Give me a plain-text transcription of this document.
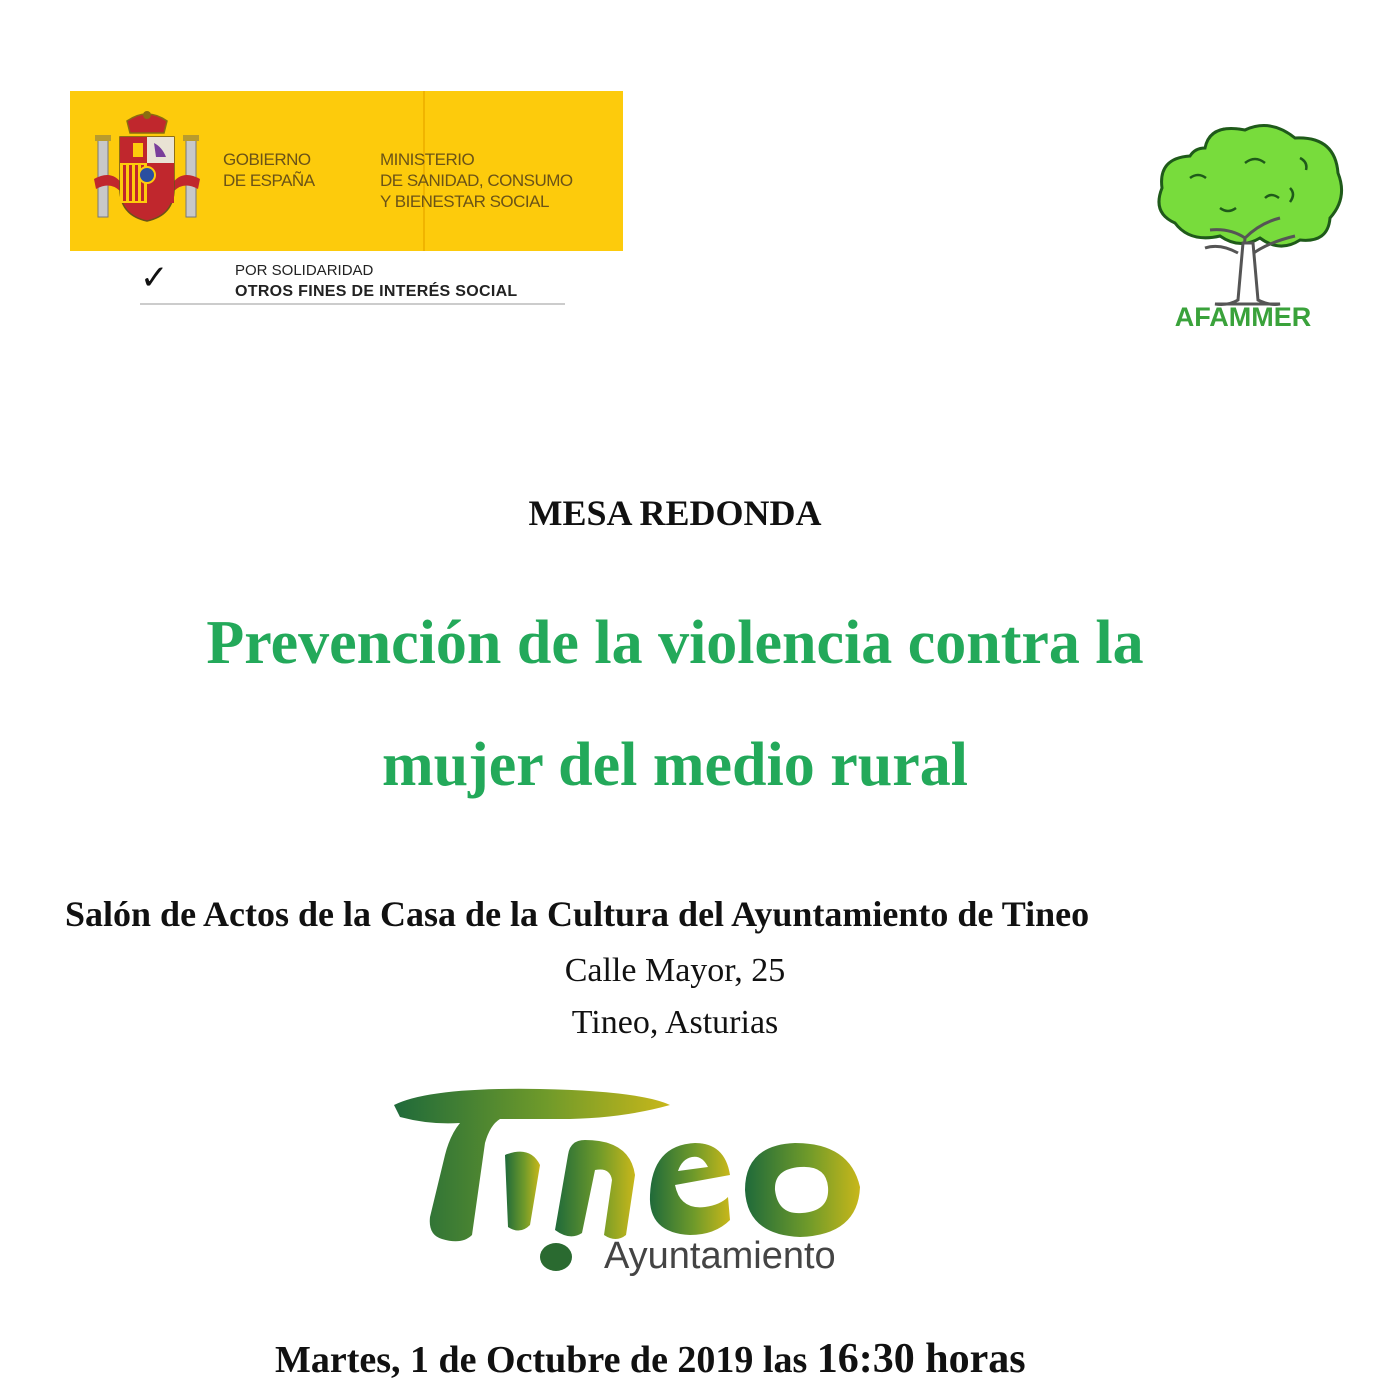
GOBIERNO
DE ESPAÑA
MINISTERIO
DE SANIDAD, CONSUMO
Y BIENESTAR SOCIAL
✓	POR SOLIDARIDAD
OTROS FINES DE INTERÉS SOCIAL
AFAMMER
MESA REDONDA
Prevención de la violencia contra la
mujer del medio rural
Salón de Actos de la Casa de la Cultura del Ayuntamiento de Tineo
Calle Mayor, 25
Tineo, Asturias
Ayuntamiento
Martes, 1 de Octubre de 2019 las 16:30 horas
